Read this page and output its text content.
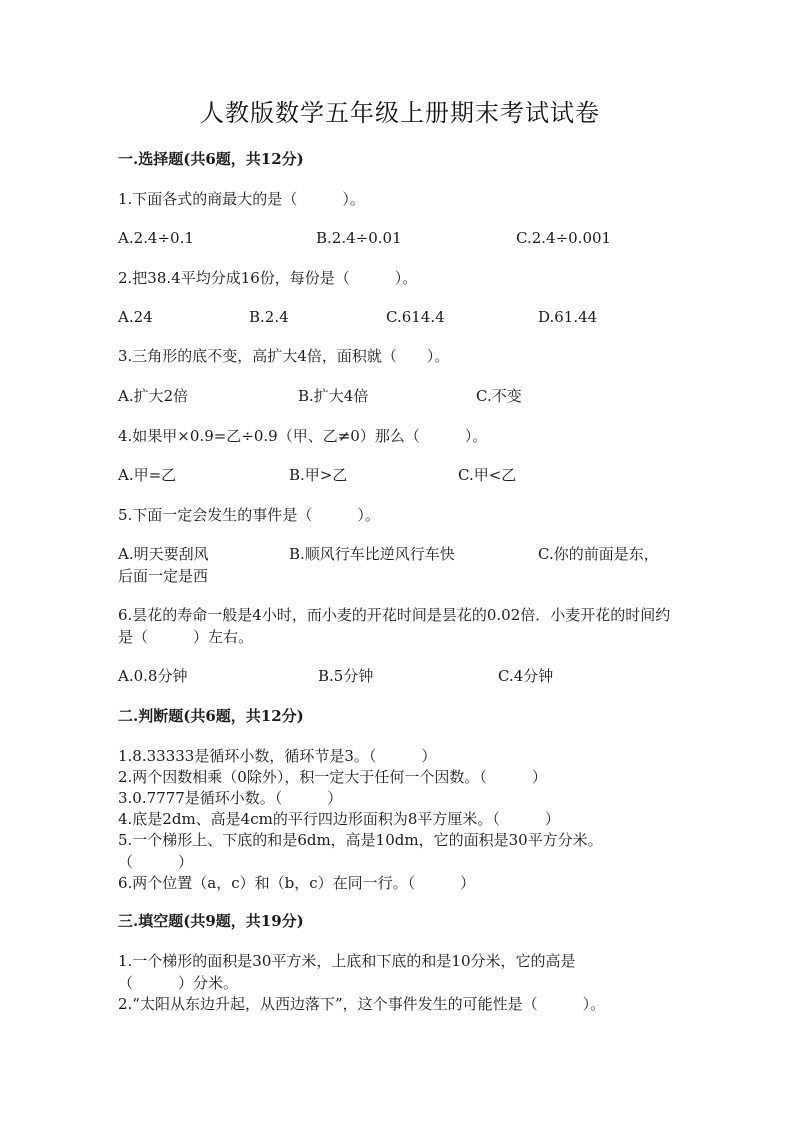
人教版数学五年级上册期末考试试卷
一.选择题(共6题，共12分)
1.下面各式的商最大的是（　　　）。
A.2.4÷0.1	B.2.4÷0.01	C.2.4÷0.001
2.把38.4平均分成16份，每份是（　　　）。
A.24	B.2.4	C.614.4	D.61.44
3.三角形的底不变，高扩大4倍，面积就（　　）。
A.扩大2倍	B.扩大4倍	C.不变
4.如果甲×0.9=乙÷0.9（甲、乙≠0）那么（　　　）。
A.甲=乙	B.甲>乙	C.甲<乙
5.下面一定会发生的事件是（　　　）。
A.明天要刮风	B.顺风行车比逆风行车快	C.你的前面是东，后面一定是西
6.昙花的寿命一般是4小时，而小麦的开花时间是昙花的0.02倍．小麦开花的时间约是（　　　）左右。
A.0.8分钟	B.5分钟	C.4分钟
二.判断题(共6题，共12分)
1.8.33333是循环小数，循环节是3。（　　　）
2.两个因数相乘（0除外），积一定大于任何一个因数。（　　　）
3.0.7777是循环小数。（　　　）
4.底是2dm、高是4cm的平行四边形面积为8平方厘米。（　　　）
5.一个梯形上、下底的和是6dm，高是10dm，它的面积是30平方分米。（　　　）
6.两个位置（a，c）和（b，c）在同一行。（　　　）
三.填空题(共9题，共19分)
1.一个梯形的面积是30平方米，上底和下底的和是10分米，它的高是（　　　）分米。
2.“太阳从东边升起，从西边落下”，这个事件发生的可能性是（　　　）。
